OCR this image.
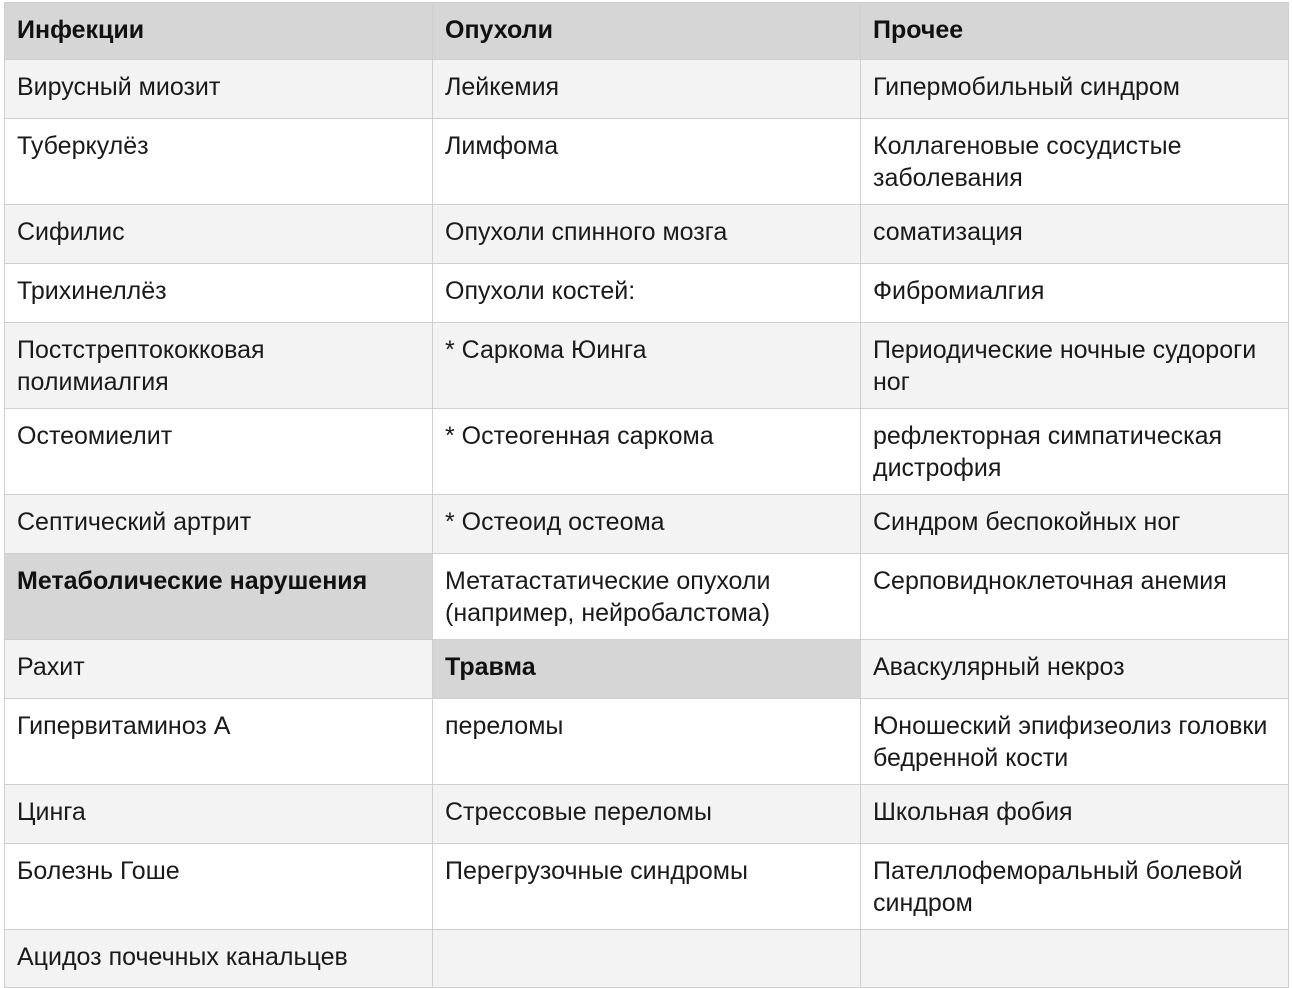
Инфекции	Опухоли	Прочее
Вирусный миозит	Лейкемия	Гипермобильный синдром
Туберкулёз	Лимфома	Коллагеновые сосудистые заболевания
Сифилис	Опухоли спинного мозга	соматизация
Трихинеллёз	Опухоли костей:	Фибромиалгия
Постстрептококковая полимиалгия	* Саркома Юинга	Периодические ночные судороги ног
Остеомиелит	* Остеогенная саркома	рефлекторная симпатическая дистрофия
Септический артрит	* Остеоид остеома	Синдром беспокойных ног
Метаболические нарушения	Метатастатические опухоли (например, нейробалстома)	Серповидноклеточная анемия
Рахит	Травма	Аваскулярный некроз
Гипервитаминоз А	переломы	Юношеский эпифизеолиз головки бедренной кости
Цинга	Стрессовые переломы	Школьная фобия
Болезнь Гоше	Перегрузочные синдромы	Пателлофеморальный болевой синдром
Ацидоз почечных канальцев		
